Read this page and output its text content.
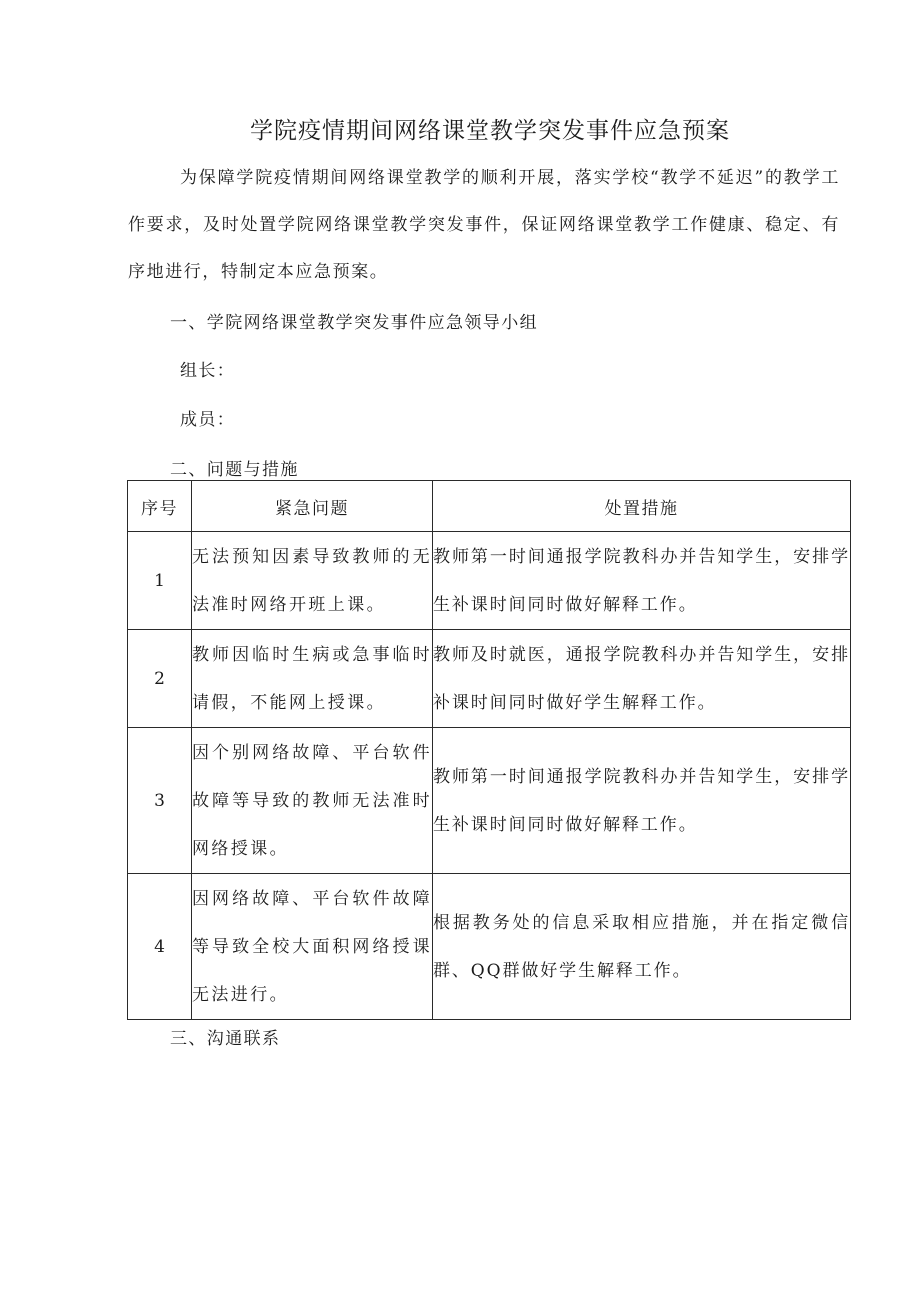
学院疫情期间网络课堂教学突发事件应急预案

为保障学院疫情期间网络课堂教学的顺利开展，落实学校“教学不延迟”的教学工作要求，及时处置学院网络课堂教学突发事件，保证网络课堂教学工作健康、稳定、有序地进行，特制定本应急预案。

一、学院网络课堂教学突发事件应急领导小组

组长：

成员：

二、问题与措施

序号	紧急问题	处置措施
1	无法预知因素导致教师的无法准时网络开班上课。	教师第一时间通报学院教科办并告知学生，安排学生补课时间同时做好解释工作。
2	教师因临时生病或急事临时请假，不能网上授课。	教师及时就医，通报学院教科办并告知学生，安排补课时间同时做好学生解释工作。
3	因个别网络故障、平台软件故障等导致的教师无法准时网络授课。	教师第一时间通报学院教科办并告知学生，安排学生补课时间同时做好解释工作。
4	因网络故障、平台软件故障等导致全校大面积网络授课无法进行。	根据教务处的信息采取相应措施，并在指定微信群、QQ群做好学生解释工作。

三、沟通联系
